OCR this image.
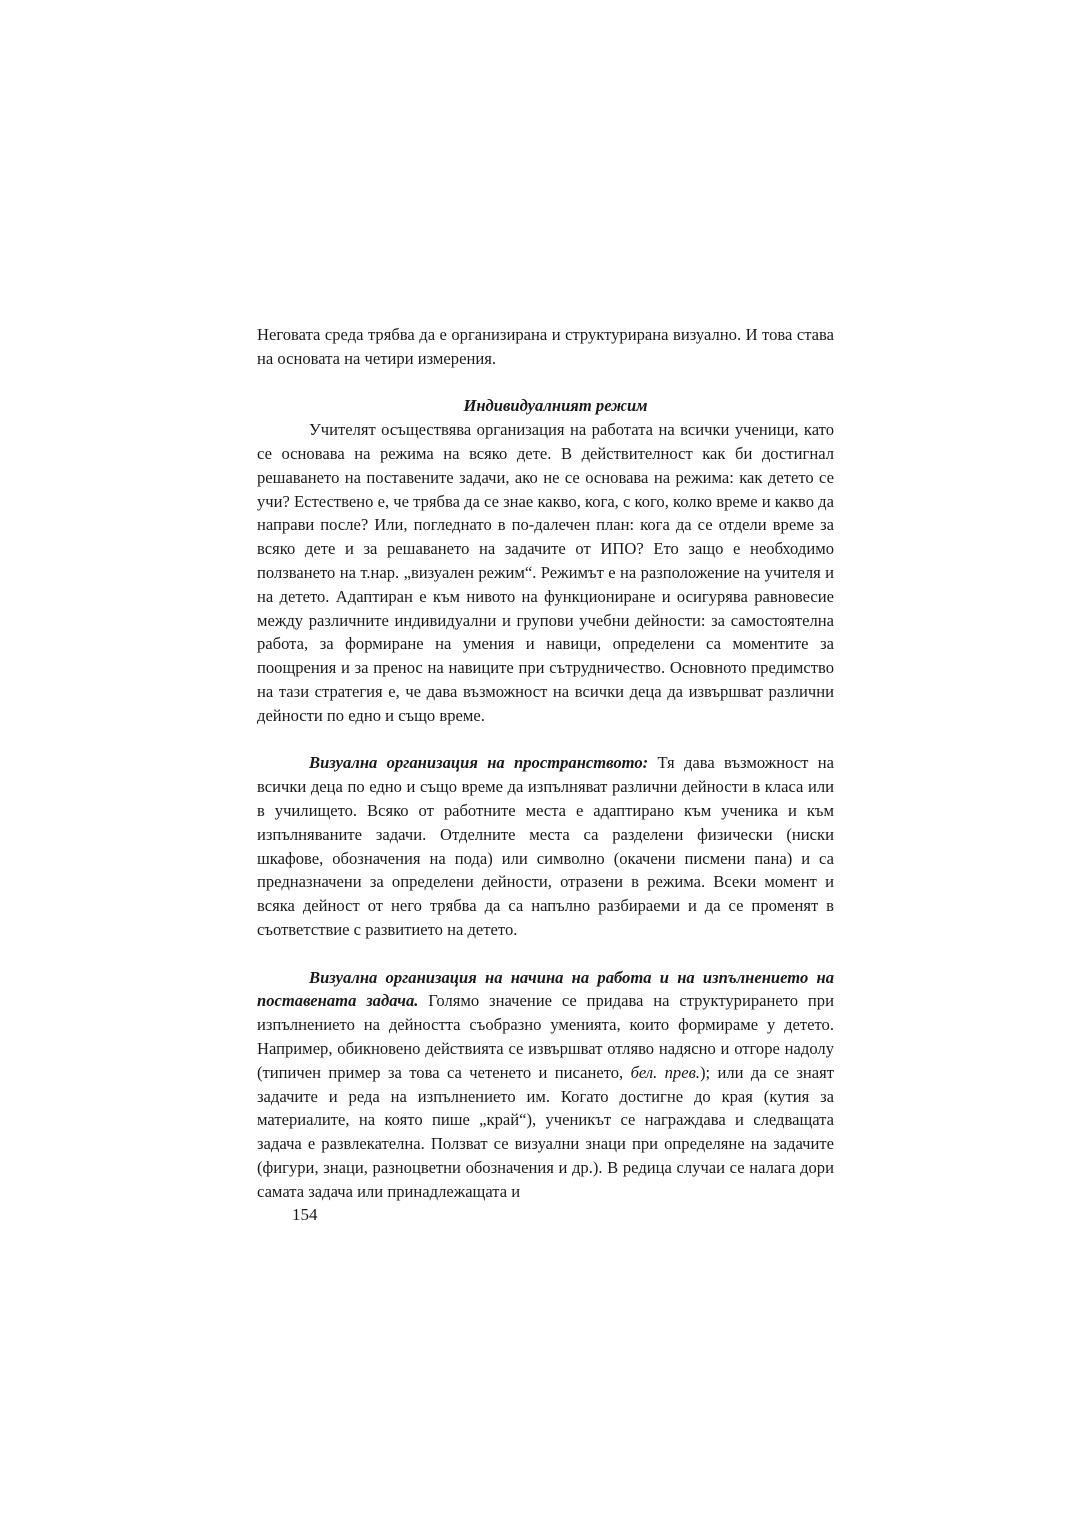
Неговата среда трябва да е организирана и структурирана визуално. И това става на основата на четири измерения.

Индивидуалният режим

Учителят осъществява организация на работата на всички ученици, като се основава на режима на всяко дете. В действителност как би достигнал решаването на поставените задачи, ако не се основава на режима: как детето се учи? Естествено е, че трябва да се знае какво, кога, с кого, колко време и какво да направи после? Или, погледнато в по-далечен план: кога да се отдели време за всяко дете и за решаването на задачите от ИПО? Ето защо е необходимо ползването на т.нар. „визуален режим“. Режимът е на разположение на учителя и на детето. Адаптиран е към нивото на функциониране и осигурява равновесие между различните индивидуални и групови учебни дейности: за самостоятелна работа, за формиране на умения и навици, определени са моментите за поощрения и за пренос на навиците при сътрудничество. Основното предимство на тази стратегия е, че дава възможност на всички деца да извършват различни дейности по едно и също време.

Визуална организация на пространството: Тя дава възможност на всички деца по едно и също време да изпълняват различни дейности в класа или в училището. Всяко от работните места е адаптирано към ученика и към изпълняваните задачи. Отделните места са разделени физически (ниски шкафове, обозначения на пода) или символно (окачени писмени пана) и са предназначени за определени дейности, отразени в режима. Всеки момент и всяка дейност от него трябва да са напълно разбираеми и да се променят в съответствие с развитието на детето.

Визуална организация на начина на работа и на изпълнението на поставената задача. Голямо значение се придава на структурирането при изпълнението на дейността съобразно уменията, които формираме у детето. Например, обикновено действията се извършват отляво надясно и отгоре надолу (типичен пример за това са четенето и писането, бел. прев.); или да се знаят задачите и реда на изпълнението им. Когато достигне до края (кутия за материалите, на която пише „край“), ученикът се награждава и следващата задача е развлекателна. Ползват се визуални знаци при определяне на задачите (фигури, знаци, разноцветни обозначения и др.). В редица случаи се налага дори самата задача или принадлежащата и

154
